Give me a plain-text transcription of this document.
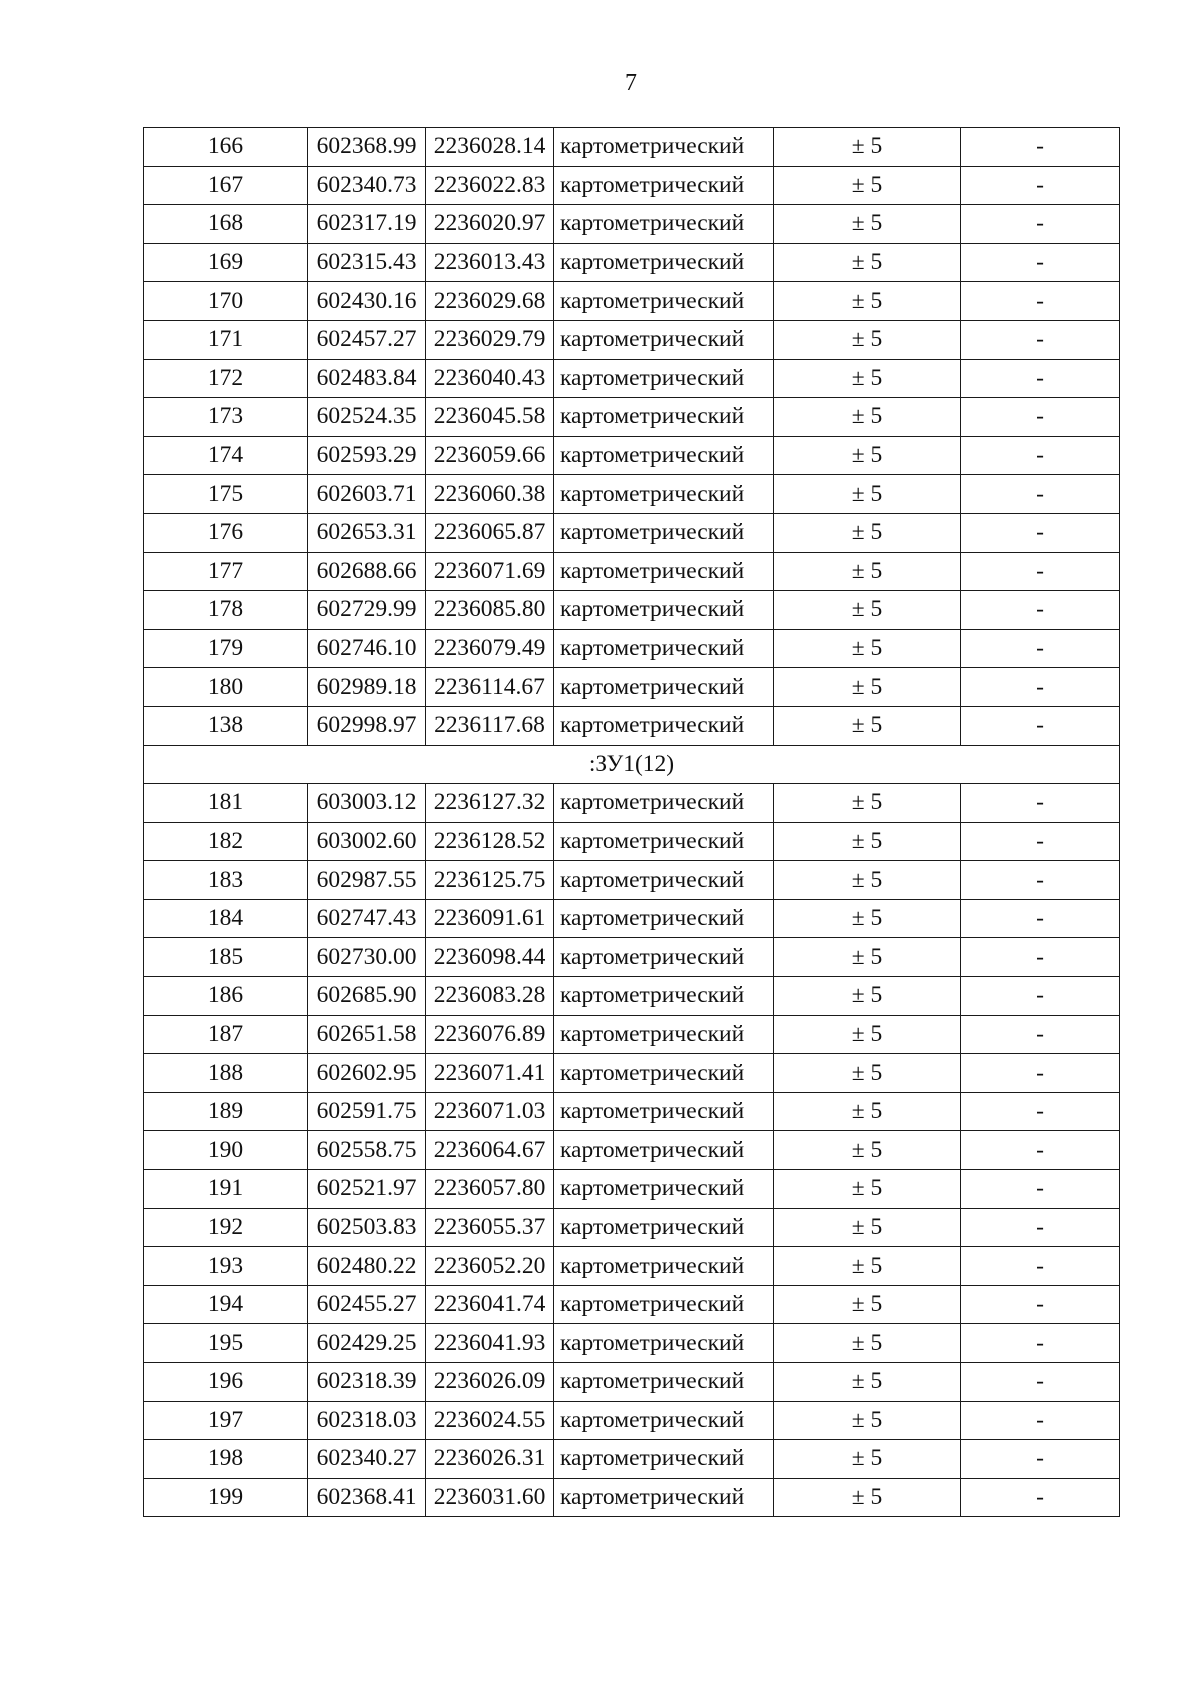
7
166	602368.99	2236028.14	картометрический	± 5	-
167	602340.73	2236022.83	картометрический	± 5	-
168	602317.19	2236020.97	картометрический	± 5	-
169	602315.43	2236013.43	картометрический	± 5	-
170	602430.16	2236029.68	картометрический	± 5	-
171	602457.27	2236029.79	картометрический	± 5	-
172	602483.84	2236040.43	картометрический	± 5	-
173	602524.35	2236045.58	картометрический	± 5	-
174	602593.29	2236059.66	картометрический	± 5	-
175	602603.71	2236060.38	картометрический	± 5	-
176	602653.31	2236065.87	картометрический	± 5	-
177	602688.66	2236071.69	картометрический	± 5	-
178	602729.99	2236085.80	картометрический	± 5	-
179	602746.10	2236079.49	картометрический	± 5	-
180	602989.18	2236114.67	картометрический	± 5	-
138	602998.97	2236117.68	картометрический	± 5	-
:ЗУ1(12)					
181	603003.12	2236127.32	картометрический	± 5	-
182	603002.60	2236128.52	картометрический	± 5	-
183	602987.55	2236125.75	картометрический	± 5	-
184	602747.43	2236091.61	картометрический	± 5	-
185	602730.00	2236098.44	картометрический	± 5	-
186	602685.90	2236083.28	картометрический	± 5	-
187	602651.58	2236076.89	картометрический	± 5	-
188	602602.95	2236071.41	картометрический	± 5	-
189	602591.75	2236071.03	картометрический	± 5	-
190	602558.75	2236064.67	картометрический	± 5	-
191	602521.97	2236057.80	картометрический	± 5	-
192	602503.83	2236055.37	картометрический	± 5	-
193	602480.22	2236052.20	картометрический	± 5	-
194	602455.27	2236041.74	картометрический	± 5	-
195	602429.25	2236041.93	картометрический	± 5	-
196	602318.39	2236026.09	картометрический	± 5	-
197	602318.03	2236024.55	картометрический	± 5	-
198	602340.27	2236026.31	картометрический	± 5	-
199	602368.41	2236031.60	картометрический	± 5	-
